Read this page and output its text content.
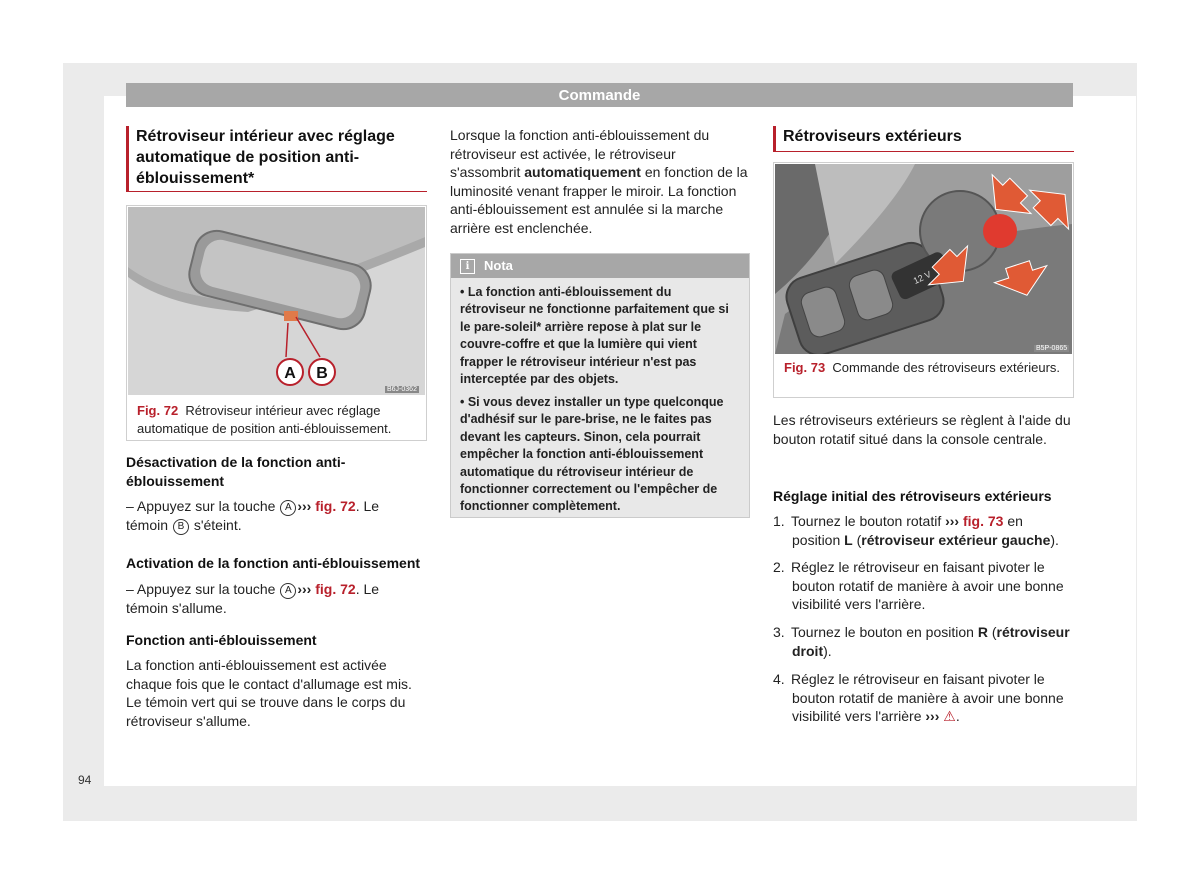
Commande
Rétroviseur intérieur avec réglage automatique de position anti-éblouissement*
A B
B6J-0362
Fig. 72 Rétroviseur intérieur avec réglage automatique de position anti-éblouissement.
Désactivation de la fonction anti-éblouissement
– Appuyez sur la touche A ››› fig. 72. Le témoin B s'éteint.
Activation de la fonction anti-éblouissement
– Appuyez sur la touche A ››› fig. 72. Le témoin s'allume.
Fonction anti-éblouissement
La fonction anti-éblouissement est activée chaque fois que le contact d'allumage est mis. Le témoin vert qui se trouve dans le corps du rétroviseur s'allume.
Lorsque la fonction anti-éblouissement du rétroviseur est activée, le rétroviseur s'assombrit automatiquement en fonction de la luminosité venant frapper le miroir. La fonction anti-éblouissement est annulée si la marche arrière est enclenchée.
i	Nota
• La fonction anti-éblouissement du rétroviseur ne fonctionne parfaitement que si le pare-soleil* arrière repose à plat sur le couvre-coffre et que la lumière qui vient frapper le rétroviseur intérieur n'est pas interceptée par des objets.
• Si vous devez installer un type quelconque d'adhésif sur le pare-brise, ne le faites pas devant les capteurs. Sinon, cela pourrait empêcher la fonction anti-éblouissement automatique du rétroviseur intérieur de fonctionner correctement ou l'empêcher de fonctionner complètement.
Rétroviseurs extérieurs
12 V
B5P-0865
Fig. 73 Commande des rétroviseurs extérieurs.
Les rétroviseurs extérieurs se règlent à l'aide du bouton rotatif situé dans la console centrale.
Réglage initial des rétroviseurs extérieurs
1. Tournez le bouton rotatif ››› fig. 73 en position L (rétroviseur extérieur gauche).
2. Réglez le rétroviseur en faisant pivoter le bouton rotatif de manière à avoir une bonne visibilité vers l'arrière.
3. Tournez le bouton en position R (rétroviseur droit).
4. Réglez le rétroviseur en faisant pivoter le bouton rotatif de manière à avoir une bonne visibilité vers l'arrière ››› ⚠.
94
